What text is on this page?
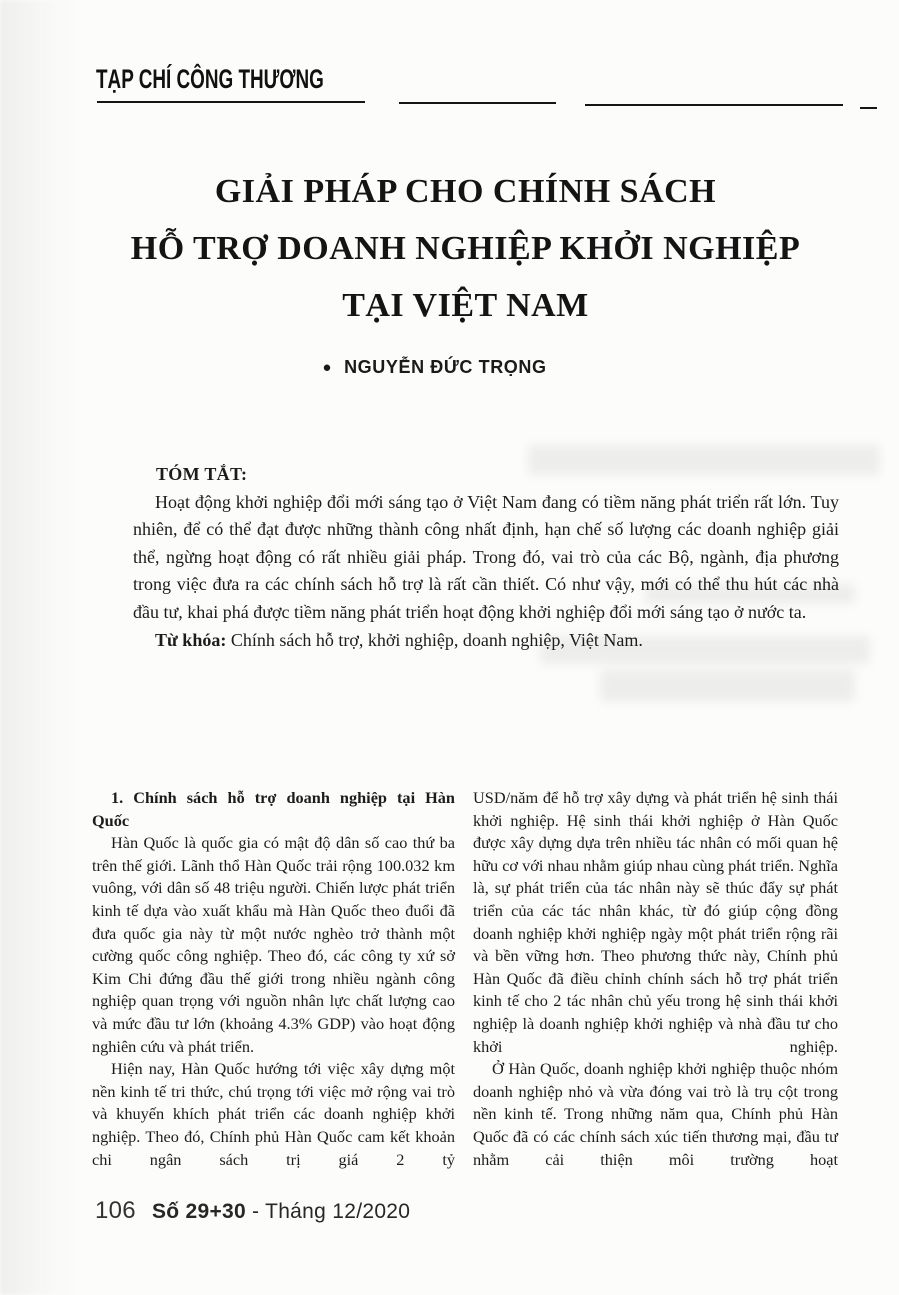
TẠP CHÍ CÔNG THƯƠNG
GIẢI PHÁP CHO CHÍNH SÁCH
HỖ TRỢ DOANH NGHIỆP KHỞI NGHIỆP
TẠI VIỆT NAM
● NGUYỄN ĐỨC TRỌNG

TÓM TẮT:

Hoạt động khởi nghiệp đổi mới sáng tạo ở Việt Nam đang có tiềm năng phát triển rất lớn. Tuy nhiên, để có thể đạt được những thành công nhất định, hạn chế số lượng các doanh nghiệp giải thể, ngừng hoạt động có rất nhiều giải pháp. Trong đó, vai trò của các Bộ, ngành, địa phương trong việc đưa ra các chính sách hỗ trợ là rất cần thiết. Có như vậy, mới có thể thu hút các nhà đầu tư, khai phá được tiềm năng phát triển hoạt động khởi nghiệp đổi mới sáng tạo ở nước ta.

Từ khóa: Chính sách hỗ trợ, khởi nghiệp, doanh nghiệp, Việt Nam.

1. Chính sách hỗ trợ doanh nghiệp tại Hàn Quốc

Hàn Quốc là quốc gia có mật độ dân số cao thứ ba trên thế giới. Lãnh thổ Hàn Quốc trải rộng 100.032 km vuông, với dân số 48 triệu người. Chiến lược phát triển kinh tế dựa vào xuất khẩu mà Hàn Quốc theo đuổi đã đưa quốc gia này từ một nước nghèo trở thành một cường quốc công nghiệp. Theo đó, các công ty xứ sở Kim Chi đứng đầu thế giới trong nhiều ngành công nghiệp quan trọng với nguồn nhân lực chất lượng cao và mức đầu tư lớn (khoảng 4.3% GDP) vào hoạt động nghiên cứu và phát triển.

Hiện nay, Hàn Quốc hướng tới việc xây dựng một nền kinh tế tri thức, chú trọng tới việc mở rộng vai trò và khuyến khích phát triển các doanh nghiệp khởi nghiệp. Theo đó, Chính phủ Hàn Quốc cam kết khoản chi ngân sách trị giá 2 tỷ

USD/năm để hỗ trợ xây dựng và phát triển hệ sinh thái khởi nghiệp. Hệ sinh thái khởi nghiệp ở Hàn Quốc được xây dựng dựa trên nhiều tác nhân có mối quan hệ hữu cơ với nhau nhằm giúp nhau cùng phát triển. Nghĩa là, sự phát triển của tác nhân này sẽ thúc đẩy sự phát triển của các tác nhân khác, từ đó giúp cộng đồng doanh nghiệp khởi nghiệp ngày một phát triển rộng rãi và bền vững hơn. Theo phương thức này, Chính phủ Hàn Quốc đã điều chỉnh chính sách hỗ trợ phát triển kinh tế cho 2 tác nhân chủ yếu trong hệ sinh thái khởi nghiệp là doanh nghiệp khởi nghiệp và nhà đầu tư cho khởi nghiệp.

Ở Hàn Quốc, doanh nghiệp khởi nghiệp thuộc nhóm doanh nghiệp nhỏ và vừa đóng vai trò là trụ cột trong nền kinh tế. Trong những năm qua, Chính phủ Hàn Quốc đã có các chính sách xúc tiến thương mại, đầu tư nhằm cải thiện môi trường hoạt

106 Số 29+30 - Tháng 12/2020
